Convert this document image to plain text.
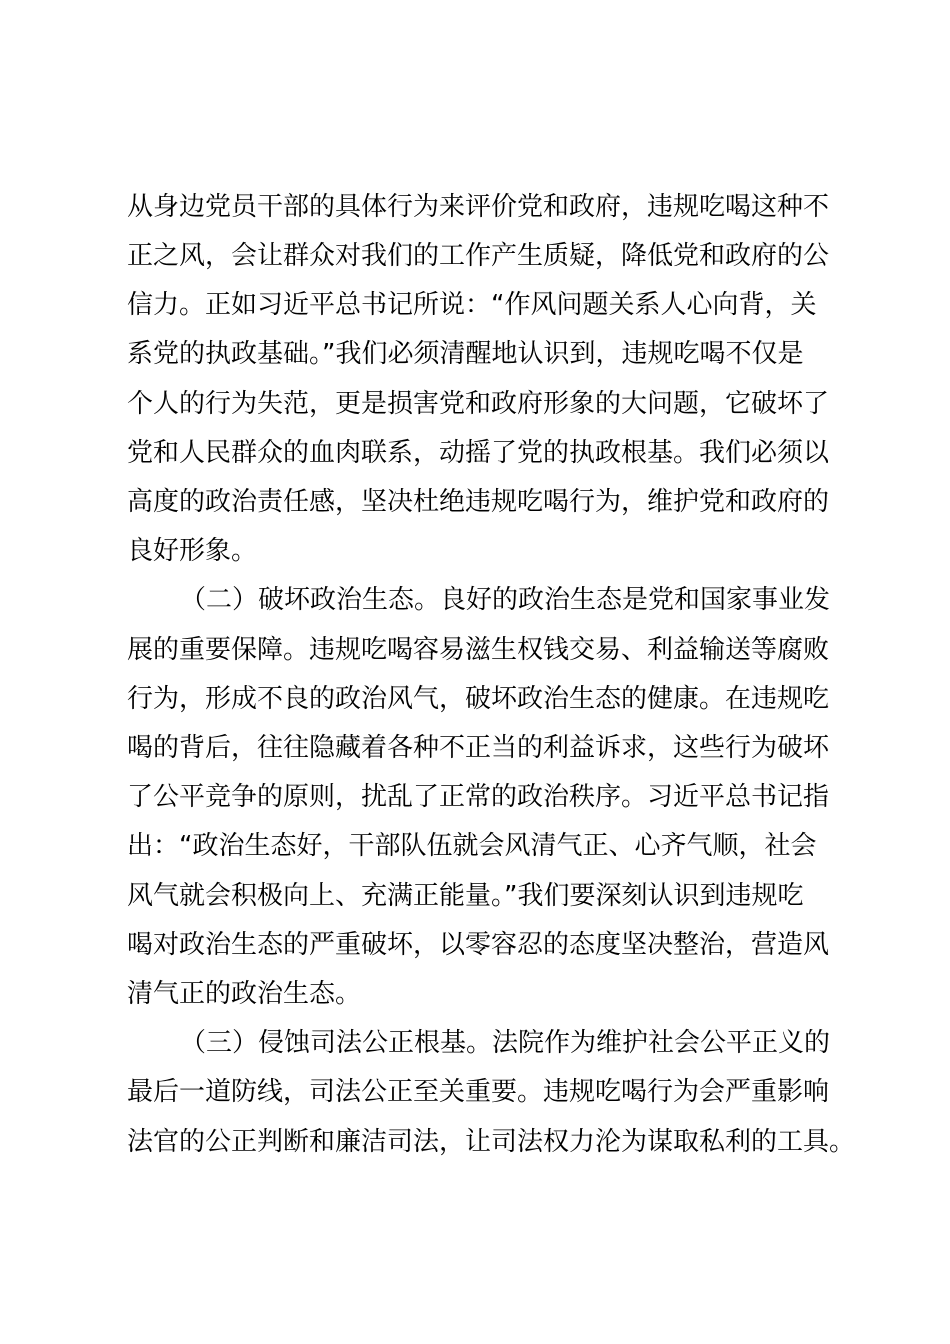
从身边党员干部的具体行为来评价党和政府，违规吃喝这种不
正之风，会让群众对我们的工作产生质疑，降低党和政府的公
信力。正如习近平总书记所说：“作风问题关系人心向背，关
系党的执政基础。”我们必须清醒地认识到，违规吃喝不仅是
个人的行为失范，更是损害党和政府形象的大问题，它破坏了
党和人民群众的血肉联系，动摇了党的执政根基。我们必须以
高度的政治责任感，坚决杜绝违规吃喝行为，维护党和政府的
良好形象。
（二）破坏政治生态。良好的政治生态是党和国家事业发
展的重要保障。违规吃喝容易滋生权钱交易、利益输送等腐败
行为，形成不良的政治风气，破坏政治生态的健康。在违规吃
喝的背后，往往隐藏着各种不正当的利益诉求，这些行为破坏
了公平竞争的原则，扰乱了正常的政治秩序。习近平总书记指
出：“政治生态好，干部队伍就会风清气正、心齐气顺，社会
风气就会积极向上、充满正能量。”我们要深刻认识到违规吃
喝对政治生态的严重破坏，以零容忍的态度坚决整治，营造风
清气正的政治生态。
（三）侵蚀司法公正根基。法院作为维护社会公平正义的
最后一道防线，司法公正至关重要。违规吃喝行为会严重影响
法官的公正判断和廉洁司法，让司法权力沦为谋取私利的工具。
